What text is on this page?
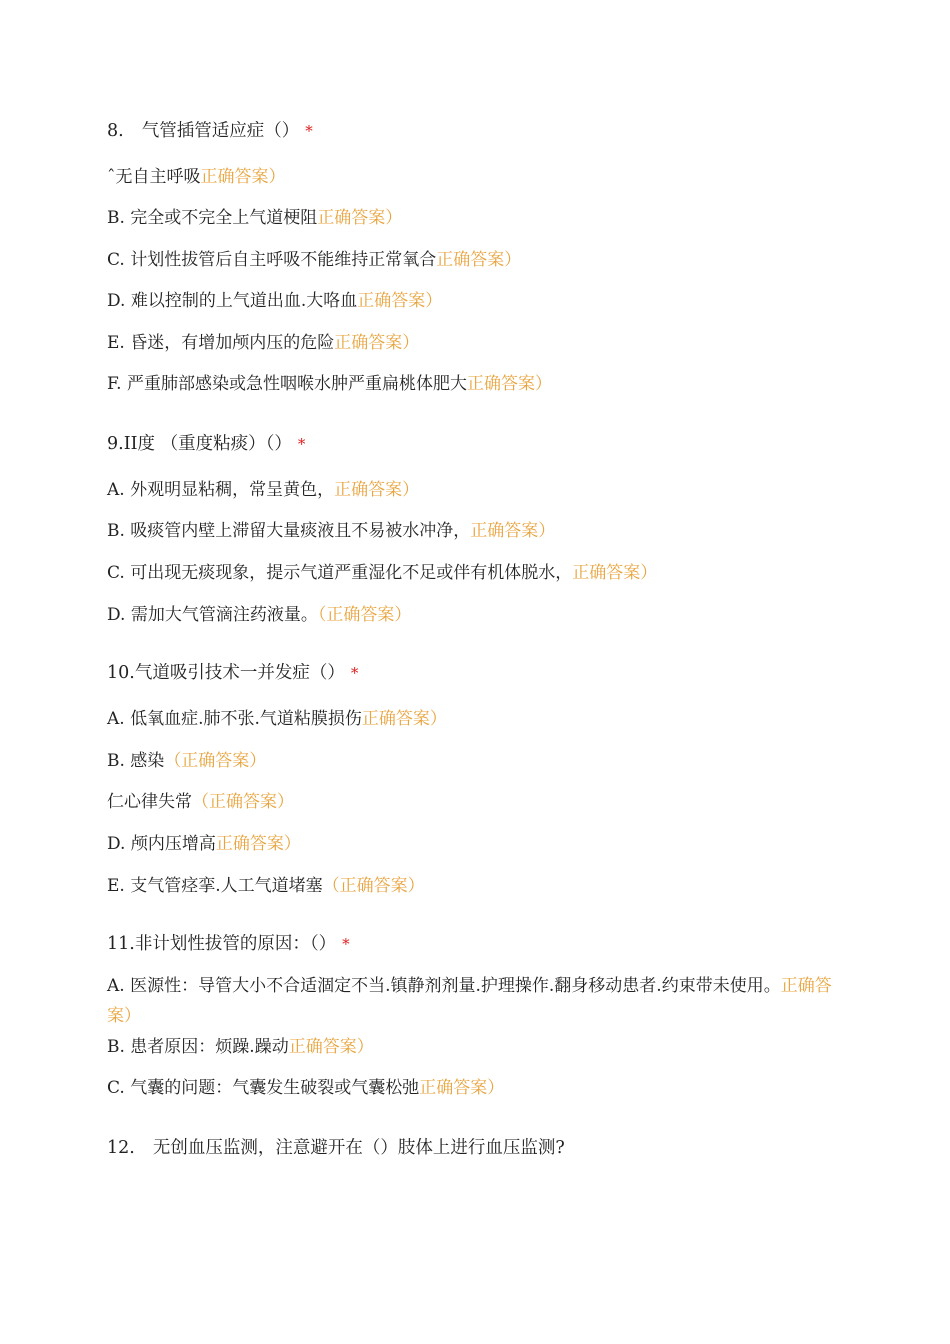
8. 气管插管适应症（） *
ˆ无自主呼吸正确答案）
B. 完全或不完全上气道梗阻正确答案）
C. 计划性拔管后自主呼吸不能维持正常氧合正确答案）
D. 难以控制的上气道出血.大咯血正确答案）
E. 昏迷，有增加颅内压的危险正确答案）
F. 严重肺部感染或急性咽喉水肿严重扁桃体肥大正确答案）
9.II度 （重度粘痰）（） *
A. 外观明显粘稠，常呈黄色，正确答案）
B. 吸痰管内壁上滞留大量痰液且不易被水冲净，正确答案）
C. 可出现无痰现象，提示气道严重湿化不足或伴有机体脱水，正确答案）
D. 需加大气管滴注药液量。（正确答案）
10.气道吸引技术一并发症（） *
A. 低氧血症.肺不张.气道粘膜损伤正确答案）
B. 感染（正确答案）
仁心律失常（正确答案）
D. 颅内压增高正确答案）
E. 支气管痉挛.人工气道堵塞（正确答案）
11.非计划性拔管的原因：（） *
A. 医源性：导管大小不合适涸定不当.镇静剂剂量.护理操作.翻身移动患者.约束带未使用。正确答案）
B. 患者原因：烦躁.躁动正确答案）
C. 气囊的问题：气囊发生破裂或气囊松弛正确答案）
12. 无创血压监测，注意避开在（）肢体上进行血压监测?
